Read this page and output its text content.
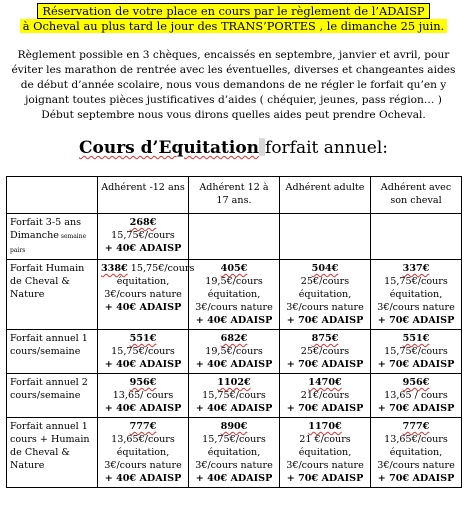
Réservation de votre place en cours par le règlement de l’ADAISP
à Ocheval au plus tard le jour des TRANS’PORTES , le dimanche 25 juin.
Règlement possible en 3 chèques, encaissés en septembre, janvier et avril, pour éviter les marathon de rentrée avec les éventuelles, diverses et changeantes aides de début d’année scolaire, nous vous demandons de ne régler le forfait qu’en y joignant toutes pièces justificatives d’aides ( chéquier, jeunes, pass région… )
Début septembre nous vous dirons quelles aides peut prendre Ocheval.
Cours d’Equitation forfait annuel:
	Adhérent -12 ans	Adhérent 12 à 17 ans.	Adhérent adulte	Adhérent avec son cheval
Forfait 3-5 ans Dimanche semaine pairs	268€
15,75€/cours
+ 40€ ADAISP			

Forfait Humain de Cheval & Nature	338€ 15,75€/cours
équitation,
3€/cours nature
+ 40€ ADAISP	405€
19,5€/cours
équitation,
3€/cours nature
+ 40€ ADAISP	504€
25€/cours
équitation,
3€/cours nature
+ 70€ ADAISP	337€
15,75€/cours
équitation,
3€/cours nature
+ 70€ ADAISP

Forfait annuel 1 cours/semaine	551€
15,75€/cours
+ 40€ ADAISP	682€
19,5€/cours
+ 40€ ADAISP	875€
25€/cours
+ 70€ ADAISP	551€
15,75€/cours
+ 70€ ADAISP

Forfait annuel 2 cours/semaine	956€
13,65/ cours
+ 40€ ADAISP	1102€
15,75€/cours
+ 40€ ADAISP	1470€
21€/cours
+ 70€ ADAISP	956€
13,65 / cours
+ 70€ ADAISP

Forfait annuel 1 cours + Humain de Cheval & Nature	777€
13,65€/cours
équitation,
3€/cours nature
+ 40€ ADAISP	890€
15,75€/cours
équitation,
3€/cours nature
+ 40€ ADAISP	1170€
21 €/cours
équitation,
3€/cours nature
+ 70€ ADAISP	777€
13,65€/cours
équitation,
3€/cours nature
+ 70€ ADAISP
